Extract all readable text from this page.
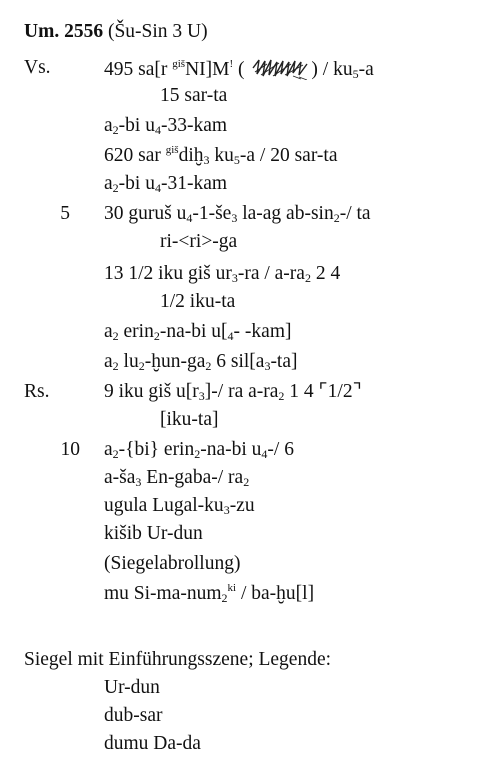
Um. 2556 (Šu-Sin 3 U)
Vs.
Rs.
5
10
495 sa[r $^{giš}$NI]M! (	) / $ku_5-a$
15 sar-ta
$a_2-bi$ $u_4-33$-kam
620 sar $^{giš}$diḫ$_3$ $ku_5-a / 20$ sar-ta
$a_2-bi$ $u_4-31$-kam
30 guruš $u_4-1-še_3$ la-ag $ab-\sin_2-/$ ta
ri-<ri>-ga
13 1/2 iku giš $ur_3-ra / a-ra_2$ 2 4
1/2 iku-ta
$a_2$ erin$_2$-na-bi $u[_4-$ -kam]
$a_2$ $lu_2-ḫun-ga_2$ 6 $sil[a_3-ta]$
9 iku giš $u[r_3]-/$ ra $a-ra_2$ 1 4 ⌜1/2⌝
[iku-ta]
$a_2-\{bi\}$ erin$_2$-na-bi $u_4-/$ 6
$a-ša_3$ En-gaba-/ $ra_2$
ugula Lugal-$ku_3-zu$
kišib Ur-dun
(Siegelabrollung)
mu Si-ma-num$_2^{ki}$ / ba-ḫu[l]
Siegel mit Einführungsszene; Legende:
Ur-dun
dub-sar
dumu Da-da
